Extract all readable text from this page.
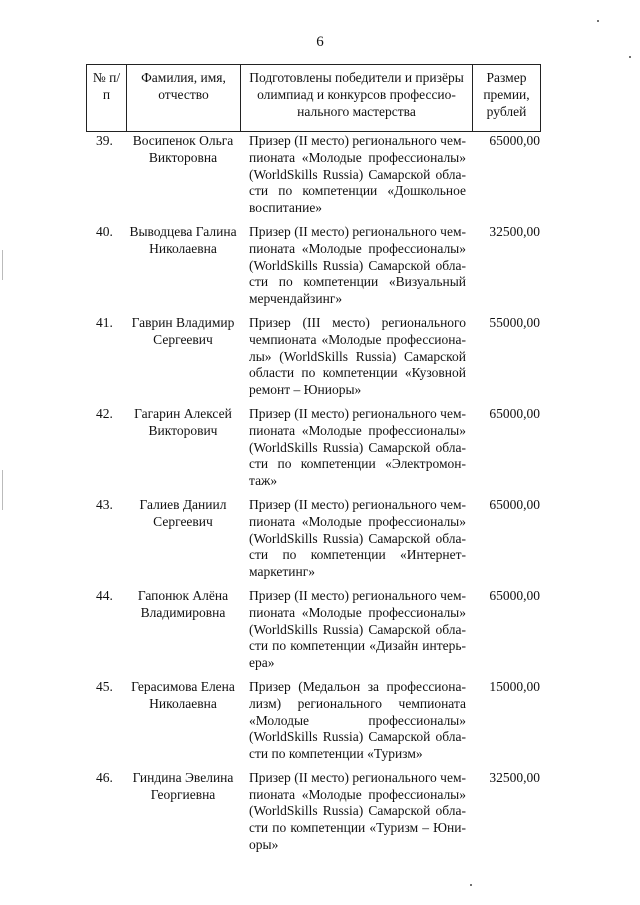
6
№ п/п	Фамилия, имя, отчество	Подготовлены победители и призёры олимпиад и конкурсов профессио-нального мастерства	Размер премии, рублей
39.	Восипенок Ольга Викторовна	Призер (II место) регионального чем-пионата «Молодые профессионалы» (WorldSkills Russia) Самарской обла-сти по компетенции «Дошкольное воспитание»	65000,00
40.	Выводцева Галина Николаевна	Призер (II место) регионального чем-пионата «Молодые профессионалы» (WorldSkills Russia) Самарской обла-сти по компетенции «Визуальный мерчендайзинг»	32500,00
41.	Гаврин Владимир Сергеевич	Призер (III место) регионального чемпионата «Молодые профессиона-лы» (WorldSkills Russia) Самарской области по компетенции «Кузовной ремонт – Юниоры»	55000,00
42.	Гагарин Алексей Викторович	Призер (II место) регионального чем-пионата «Молодые профессионалы» (WorldSkills Russia) Самарской обла-сти по компетенции «Электромон-таж»	65000,00
43.	Галиев Даниил Сергеевич	Призер (II место) регионального чем-пионата «Молодые профессионалы» (WorldSkills Russia) Самарской обла-сти по компетенции «Интернет-маркетинг»	65000,00
44.	Гапонюк Алёна Владимировна	Призер (II место) регионального чем-пионата «Молодые профессионалы» (WorldSkills Russia) Самарской обла-сти по компетенции «Дизайн интерь-ера»	65000,00
45.	Герасимова Елена Николаевна	Призер (Медальон за профессиона-лизм) регионального чемпионата «Молодые профессионалы» (WorldSkills Russia) Самарской обла-сти по компетенции «Туризм»	15000,00
46.	Гиндина Эвелина Георгиевна	Призер (II место) регионального чем-пионата «Молодые профессионалы» (WorldSkills Russia) Самарской обла-сти по компетенции «Туризм – Юни-оры»	32500,00
